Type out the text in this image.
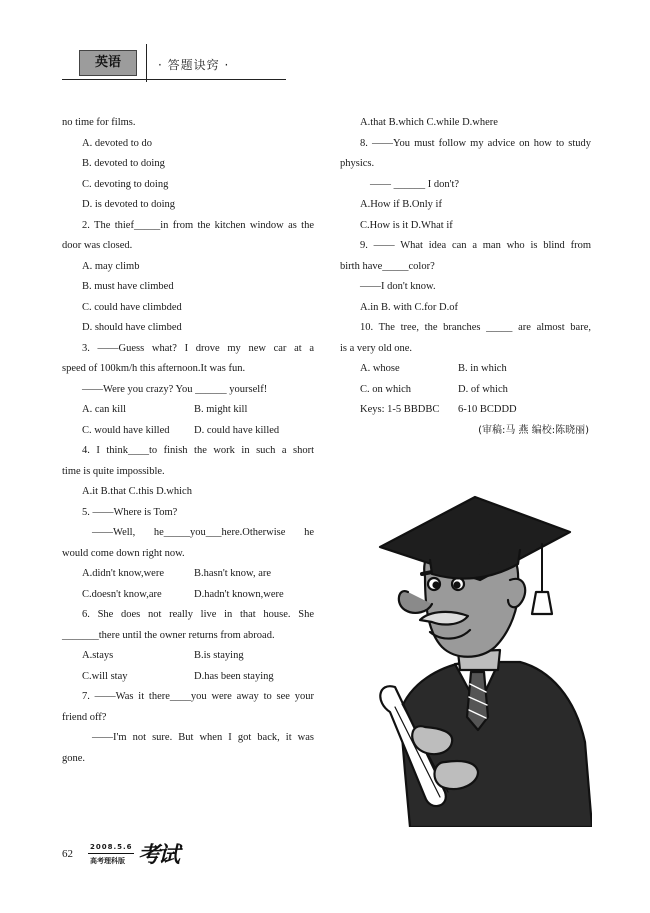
英语	· 答题诀窍 ·
no time for films.
A. devoted to do
B. devoted to doing
C. devoting to doing
D. is devoted to doing
2. The thief_____in from the kitchen window as the
door was closed.
A. may climb
B. must have climbed
C. could have climbded
D. should have climbed
3. ——Guess what? I drove my new car at a
speed of 100km/h this afternoon.It was fun.
——Were you crazy? You ______ yourself!
A. can kill	B. might kill
C. would have killed	D. could have killed
4. I think____to finish the work in such a short
time is quite impossible.
A.it B.that C.this D.which
5. ——Where is Tom?
——Well, he_____you___here.Otherwise he
would come down right now.
A.didn't know,were	B.hasn't know, are
C.doesn't know,are	D.hadn't known,were
6. She does not really live in that house. She
_______there until the owner returns from abroad.
A.stays	B.is staying
C.will stay	D.has been staying
7. ——Was it there____you were away to see your
friend off?
——I'm not sure. But when I got back, it was
gone.
A.that B.which C.while D.where
8. ——You must follow my advice on how to study
physics.
—— ______ I don't?
A.How if B.Only if
C.How is it D.What if
9. —— What idea can a man who is blind from
birth have_____color?
——I don't know.
A.in B. with C.for D.of
10. The tree, the branches _____ are almost bare,
is a very old one.
A. whose	B. in which
C. on which	D. of which
Keys: 1-5 BBDBC	6-10 BCDDD
(审稿:马 燕 编校:陈晓丽)
62
2008.5.6
高考理科版 考试
